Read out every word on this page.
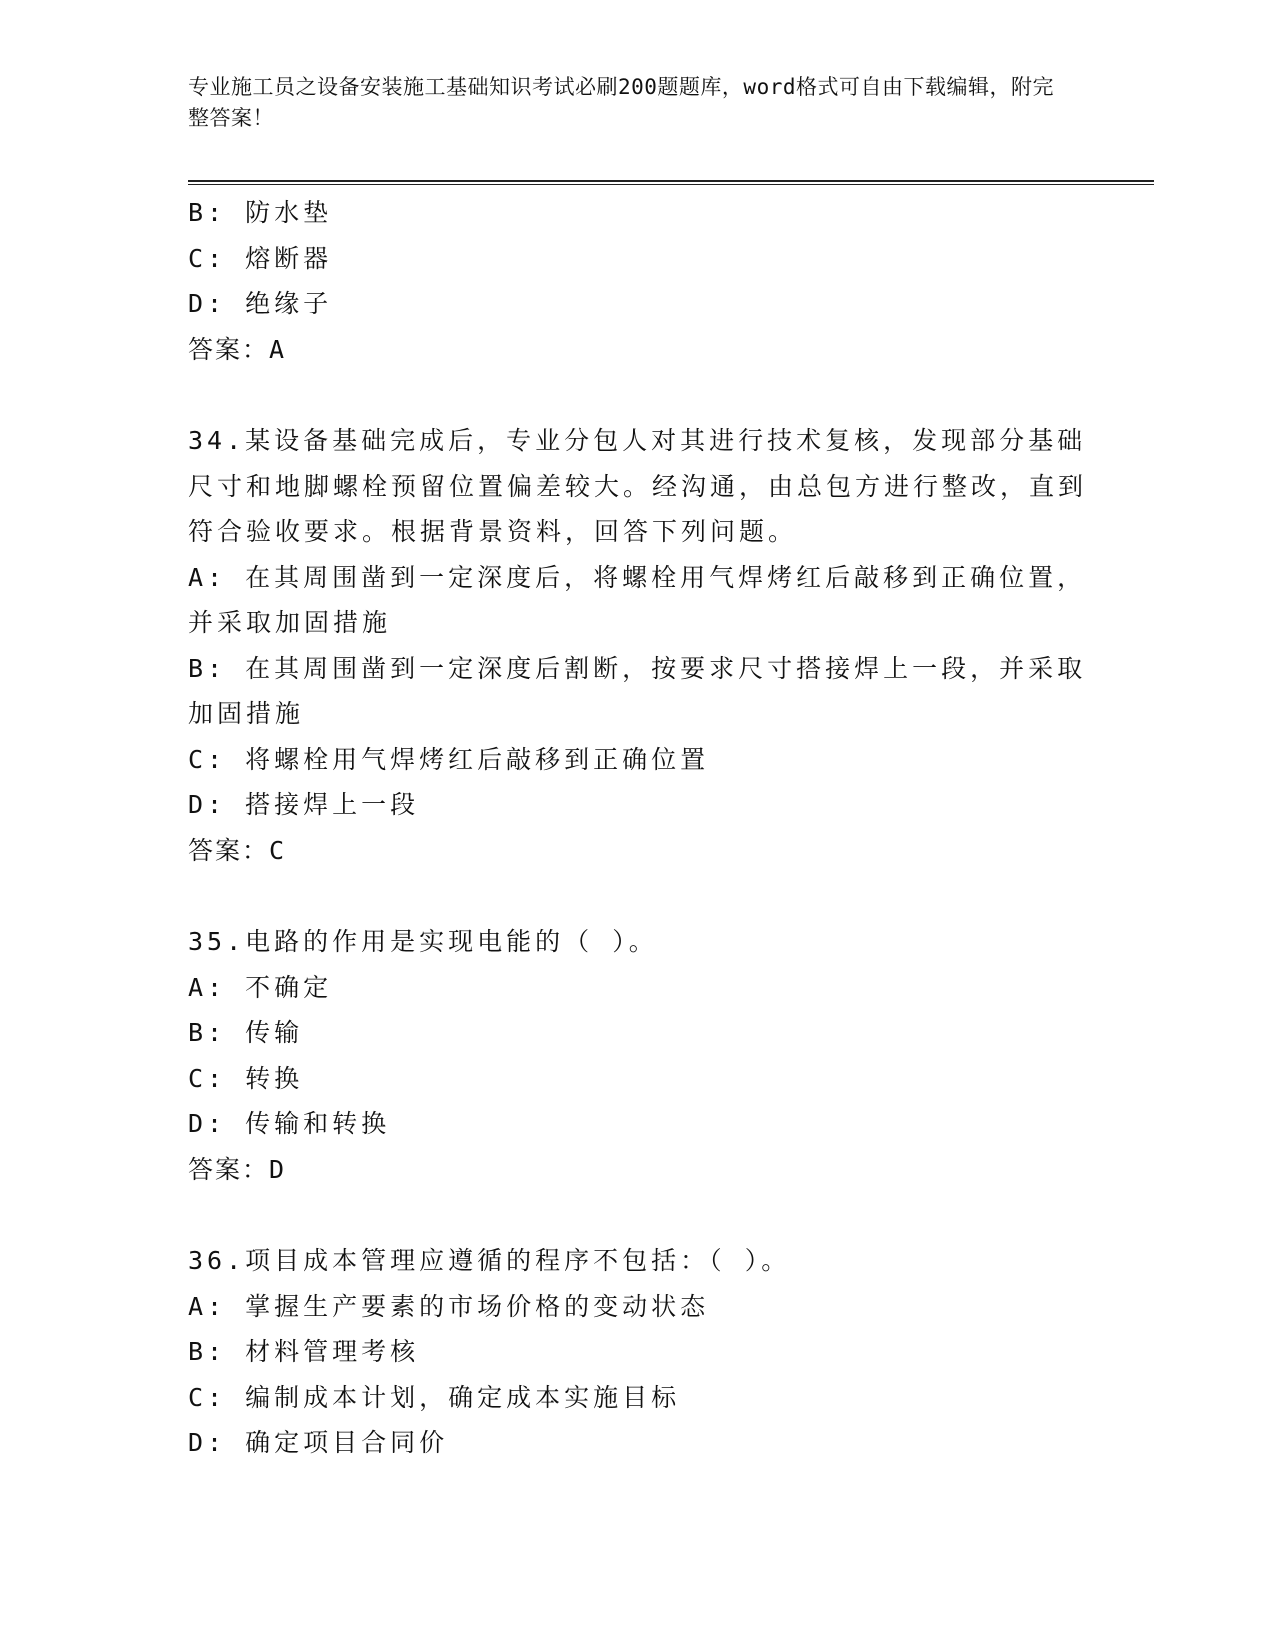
专业施工员之设备安装施工基础知识考试必刷200题题库，word格式可自由下载编辑，附完整答案！
B: 防水垫
C: 熔断器
D: 绝缘子
答案：A
34.某设备基础完成后，专业分包人对其进行技术复核，发现部分基础尺寸和地脚螺栓预留位置偏差较大。经沟通，由总包方进行整改，直到符合验收要求。根据背景资料，回答下列问题。
A: 在其周围凿到一定深度后，将螺栓用气焊烤红后敲移到正确位置，并采取加固措施
B: 在其周围凿到一定深度后割断，按要求尺寸搭接焊上一段，并采取加固措施
C: 将螺栓用气焊烤红后敲移到正确位置
D: 搭接焊上一段
答案：C
35.电路的作用是实现电能的（ ）。
A: 不确定
B: 传输
C: 转换
D: 传输和转换
答案：D
36.项目成本管理应遵循的程序不包括：（ ）。
A: 掌握生产要素的市场价格的变动状态
B: 材料管理考核
C: 编制成本计划，确定成本实施目标
D: 确定项目合同价
